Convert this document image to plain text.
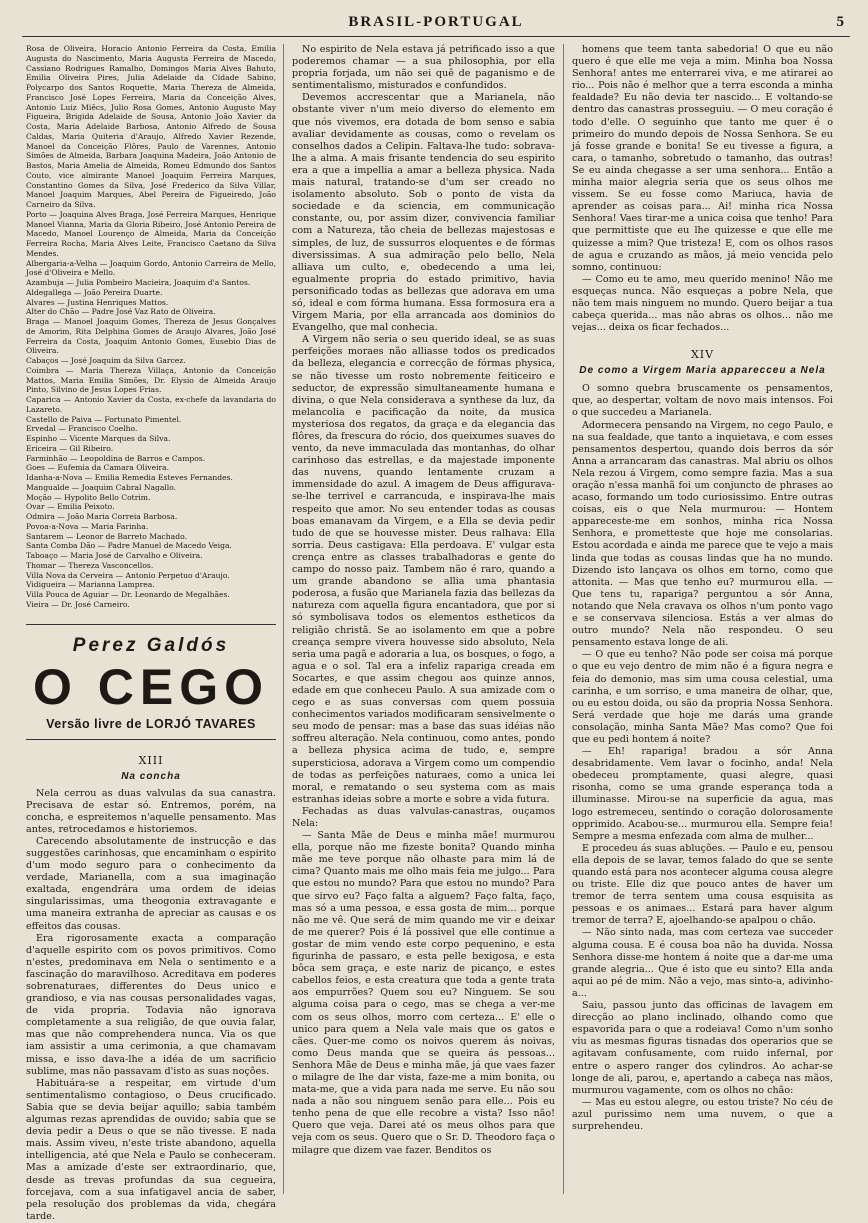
BRASIL-PORTUGAL	5

Rosa de Oliveira, Horacio Antonio Ferreira da Costa, Emilia Augusta do Nascimento, Maria Augusta Ferreira de Macedo, Cassiano Rodrigues Ramalho, Domingos Maria Alves Bahuto, Emilia Oliveira Pires, Julia Adelaide da Cidade Sabino, Polycarpo dos Santos Roquette, Maria Thereza de Almeida, Francisco José Lopes Ferreira, Maria da Conceição Alves, Antonio Luiz Miêcs, Julio Rosa Gomes, Antonio Augusto May Figueira, Brigida Adelaide de Sousa, Antonio João Xavier da Costa, Maria Adelaide Barbosa, Antonio Alfredo de Sousa Caldas, Maria Quiteria d'Araujo, Alfredo Xavier Rezende, Manoel da Conceição Flôres, Paulo de Varennes, Antonio Simões de Almeida, Barbara Joaquina Madeira, João Antonio de Bastos, Maria Amelia de Almeida, Romeu Edmundo dos Santos Couto, vice almirante Manoel Joaquim Ferreira Marques, Constantino Gomes da Silva, José Frederico da Silva Villar, Manoel Joaquim Marques, Abel Pereira de Figueiredo, João Carneiro da Silva.

Porto — Joaquina Alves Braga, José Ferreira Marques, Henrique Manoel Vianna, Maria da Gloria Ribeiro, José Antonio Pereira de Macedo, Manoel Lourenço de Almeida, Maria da Conceição Ferreira Rocha, Maria Alves Leite, Francisco Caetano da Silva Mendes.

Albergaria-a-Velha — Joaquim Gordo, Antonio Carreira de Mello, José d'Oliveira e Mello.

Azambuja — Julia Pombeiro Macieira, Joaquim d'a Santos.

Aldegallega — João Pereira Duarte.

Alvares — Justina Henriques Mattos.

Alter do Chão — Padre José Vaz Rato de Oliveira.

Braga — Manoel Joaquim Gomes, Thereza de Jesus Gonçalves de Amorim, Rita Delphina Gomes de Araujo Alvares, João José Ferreira da Costa, Joaquim Antonio Gomes, Eusebio Dias de Oliveira.

Cabaços — José Joaquim da Silva Garcez.

Coimbra — Maria Thereza Villaça, Antonio da Conceição Mattos, Maria Emilia Simões, Dr. Elysio de Almeida Araujo Pinto, Silvino de Jesus Lopes Frias.

Caparica — Antonio Xavier da Costa, ex-chefe da lavandaria do Lazareto.

Castello de Paiva — Fortunato Pimentel.

Ervedal — Francisco Coelho.

Espinho — Vicente Marques da Silva.

Ericeira — Gil Ribeiro.

Farminhão — Leopoldina de Barros e Campos.

Goes — Eufemia da Camara Oliveira.

Idanha-a-Nova — Emilia Remedia Esteves Fernandes.

Mangualde — Joaquim Cabral Nagallo.

Moção — Hypolito Bello Cotrim.

Ovar — Emilia Peixoto.

Odmira — João Maria Correia Barbosa.

Povoa-a-Nova — Maria Farinha.

Santarem — Leonor de Barreto Machado.

Santa Comba Dão — Padre Manuel de Macedo Veiga.

Taboaço — Maria José de Carvalho e Oliveira.

Thomar — Thereza Vasconcellos.

Villa Nova da Cerveira — Antonio Perpetuo d'Araujo.

Vidigueira — Marianna Lamprea.

Villa Pouca de Aguiar — Dr. Leonardo de Megalhães.

Vieira — Dr. José Carneiro.

Perez Galdós
O CEGO
Versão livre de LORJÓ TAVARES
XIII
Na concha

Nela cerrou as duas valvulas da sua canastra. Precisava de estar só. Entremos, porém, na concha, e espreitemos n'aquelle pensamento. Mas antes, retrocedamos e historiemos.

Carecendo absolutamente de instrucção e das suggestões carinhosas, que encaminham o espirito d'um modo seguro para o conhecimento da verdade, Marianella, com a sua imaginação exaltada, engendrára uma ordem de ideias singularissimas, uma theogonia extravagante e uma maneira extranha de apreciar as causas e os effeitos das cousas.

Era rigorosamente exacta a comparação d'aquelle espirito com os povos primitivos. Como n'estes, predominava em Nela o sentimento e a fascinação do maravilhoso. Acreditava em poderes sobrenaturaes, differentes do Deus unico e grandioso, e via nas cousas personalidades vagas, de vida propria. Todavia não ignorava completamente a sua religião, de que ouvia falar, mas que não comprehendera nunca. Via os que iam assistir a uma cerimonia, a que chamavam missa, e isso dava-lhe a idéa de um sacrificio sublime, mas não passavam d'isto as suas noções.

Habituára-se a respeitar, em virtude d'um sentimentalismo contagioso, o Deus crucificado. Sabia que se devia beijar aquillo; sabia também algumas rezas aprendidas de ouvido; sabia que se devia pedir a Deus o que se não tivesse. E nada mais. Assim viveu, n'este triste abandono, aquella intelligencia, até que Nela e Paulo se conheceram. Mas a amizade d'este ser extraordinario, que, desde as trevas profundas da sua cegueira, forcejava, com a sua infatigavel ancia de saber, pela resolução dos problemas da vida, chegára tarde.

No espirito de Nela estava já petrificado isso a que poderemos chamar — a sua philosophia, por ella propria forjada, um não sei quê de paganismo e de sentimentalismo, misturados e confundidos.

Devemos accrescentar que a Marianela, não obstante viver n'um meio diverso do elemento em que nós vivemos, era dotada de bom senso e sabia avaliar devidamente as cousas, como o revelam os conselhos dados a Celipin. Faltava-lhe tudo: sobrava-lhe a alma. A mais frisante tendencia do seu espirito era a que a impellia a amar a belleza physica. Nada mais natural, tratando-se d'um ser creado no isolamento absoluto. Sob o ponto de vista da sociedade e da sciencia, em communicação constante, ou, por assim dizer, convivencia familiar com a Natureza, tão cheia de bellezas majestosas e simples, de luz, de sussurros eloquentes e de fórmas diversissimas. A sua admiração pelo bello, Nela alliava um culto, e, obedecendo a uma lei, egualmente propria do estado primitivo, havia personificado todas as bellezas que adorava em uma só, ideal e com fórma humana. Essa formosura era a Virgem Maria, por ella arrancada aos dominios do Evangelho, que mal conhecia.

A Virgem não seria o seu querido ideal, se as suas perfeições moraes não alliasse todos os predicados da belleza, elegancia e correcção de fórmas physica, se não tivesse um rosto nobremente feiticeiro e seductor, de expressão simultaneamente humana e divina, o que Nela considerava a synthese da luz, da melancolia e pacificação da noite, da musica mysteriosa dos regatos, da graça e da elegancia das flôres, da frescura do rócio, dos queixumes suaves do vento, da neve immaculada das montanhas, do olhar carinhoso das estrellas, e da majestade imponente das nuvens, quando lentamente cruzam a immensidade do azul. A imagem de Deus affigurava-se-lhe terrivel e carrancuda, e inspirava-lhe mais respeito que amor. No seu entender todas as cousas boas emanavam da Virgem, e a Ella se devia pedir tudo de que se houvesse mister. Deus ralhava: Ella sorria. Deus castigava: Ella perdoava. E' vulgar esta crença entre as classes trabalhadoras e gente do campo do nosso paiz. Tambem não é raro, quando a um grande abandono se allia uma phantasia poderosa, a fusão que Marianela fazia das bellezas da natureza com aquella figura encantadora, que por si só symbolisava todos os elementos estheticos da religião christã. Se ao isolamento em que a pobre creança sempre vivera houvesse sido absoluto, Nela seria uma pagã e adoraria a lua, os bosques, o fogo, a agua e o sol. Tal era a infeliz rapariga creada em Socartes, e que assim chegou aos quinze annos, edade em que conheceu Paulo. A sua amizade com o cego e as suas conversas com quem possuia conhecimentos variados modificaram sensivelmente o seu modo de pensar: mas a base das suas idéias não soffreu alteração. Nela continuou, como antes, pondo a belleza physica acima de tudo, e, sempre supersticiosa, adorava a Virgem como um compendio de todas as perfeições naturaes, como a unica lei moral, e rematando o seu systema com as mais estranhas ideias sobre a morte e sobre a vida futura.

Fechadas as duas valvulas-canastras, ouçamos Nela:

— Santa Mãe de Deus e minha mãe! murmurou ella, porque não me fizeste bonita? Quando minha mãe me teve porque não olhaste para mim lá de cima? Quanto mais me olho mais feia me julgo... Para que estou no mundo? Para que estou no mundo? Para que sirvo eu? Faço falta a alguem? Faço falta, faço, mas só a uma pessoa, e essa gosta de mim... porque não me vê. Que será de mim quando me vir e deixar de me querer? Pois é lá possivel que elle continue a gostar de mim vendo este corpo pequenino, e esta figurinha de passaro, e esta pelle bexigosa, e esta bôca sem graça, e este nariz de picanço, e estes cabellos feios, e esta creatura que toda a gente trata aos empurrões? Quem sou eu? Ninguem. Se sou alguma coisa para o cego, mas se chega a ver-me com os seus olhos, morro com certeza... E' elle o unico para quem a Nela vale mais que os gatos e cães. Quer-me como os noivos querem ás noivas, como Deus manda que se queira ás pessoas... Senhora Mãe de Deus e minha mãe, já que vaes fazer o milagre de lhe dar vista, faze-me a mim bonita, ou mata-me, que a vida para nada me serve. Eu não sou nada a não sou ninguem senão para elle... Pois eu tenho pena de que elle recobre a vista? Isso não! Quero que veja. Darei até os meus olhos para que veja com os seus. Quero que o Sr. D. Theodoro faça o milagre que dizem vae fazer. Benditos os

homens que teem tanta sabedoria! O que eu não quero é que elle me veja a mim. Minha boa Nossa Senhora! antes me enterrarei viva, e me atirarei ao rio... Pois não é melhor que a terra esconda a minha fealdade? Eu não devia ter nascido... E voltando-se dentro das canastras prosseguiu. — O meu coração é todo d'elle. O seguinho que tanto me quer é o primeiro do mundo depois de Nossa Senhora. Se eu já fosse grande e bonita! Se eu tivesse a figura, a cara, o tamanho, sobretudo o tamanho, das outras! Se eu ainda chegasse a ser uma senhora... Então a minha maior alegria seria que os seus olhos me vissem. Se eu fosse como Mariuca, havia de aprender as coisas para... Ai! minha rica Nossa Senhora! Vaes tirar-me a unica coisa que tenho! Para que permittiste que eu lhe quizesse e que elle me quizesse a mim? Que tristeza! E, com os olhos rasos de agua e cruzando as mãos, já meio vencida pelo somno, continuou:

— Como eu te amo, meu querido menino! Não me esqueças nunca. Não esqueças a pobre Nela, que não tem mais ninguem no mundo. Quero beijar a tua cabeça querida... mas não abras os olhos... não me vejas... deixa os ficar fechados...

XIV
De como a Virgem Maria apparecceu a Nela

O somno quebra bruscamente os pensamentos, que, ao despertar, voltam de novo mais intensos. Foi o que succedeu a Marianela.

Adormecera pensando na Virgem, no cego Paulo, e na sua fealdade, que tanto a inquietava, e com esses pensamentos despertou, quando dois berros da sór Anna a arrancaram das canastras. Mal abriu os olhos Nela rezou á Virgem, como sempre fazia. Mas a sua oração n'essa manhã foi um conjuncto de phrases ao acaso, formando um todo curiosissimo. Entre outras coisas, eis o que Nela murmurou: — Hontem appareceste-me em sonhos, minha rica Nossa Senhora, e prometteste que hoje me consolarias. Estou acordada e ainda me parece que te vejo a mais linda que todas as cousas lindas que ha no mundo. Dizendo isto lançava os olhos em torno, como que attonita. — Mas que tenho eu? murmurou ella. — Que tens tu, rapariga? perguntou a sór Anna, notando que Nela cravava os olhos n'um ponto vago e se conservava silenciosa. Estás a ver almas do outro mundo? Nela não respondeu. O seu pensamento estava longe de ali.

— O que eu tenho? Não pode ser coisa má porque o que eu vejo dentro de mim não é a figura negra e feia do demonio, mas sim uma cousa celestial, uma carinha, e um sorriso, e uma maneira de olhar, que, ou eu estou doida, ou são da propria Nossa Senhora. Será verdade que hoje me darás uma grande consolação, minha Santa Mãe? Mas como? Que foi que eu pedi hontem á noite?

— Eh! rapariga! bradou a sór Anna desabridamente. Vem lavar o focinho, anda! Nela obedeceu promptamente, quasi alegre, quasi risonha, como se uma grande esperança toda a illuminasse. Mirou-se na superficie da agua, mas logo estremeceu, sentindo o coração dolorosamente opprimido. Acabou-se... murmurou ella. Sempre feia! Sempre a mesma enfezada com alma de mulher...

E procedeu ás suas abluções. — Paulo e eu, pensou ella depois de se lavar, temos falado do que se sente quando está para nos acontecer alguma cousa alegre ou triste. Elle diz que pouco antes de haver um tremor de terra sentem uma cousa esquisita as pessoas e os animaes... Estará para haver algum tremor de terra? E, ajoelhando-se apalpou o chão.

— Não sinto nada, mas com certeza vae succeder alguma cousa. E é cousa boa não ha duvida. Nossa Senhora disse-me hontem á noite que a dar-me uma grande alegria... Que é isto que eu sinto? Ella anda aqui ao pé de mim. Não a vejo, mas sinto-a, adivinho-a...

Saiu, passou junto das officinas de lavagem em direcção ao plano inclinado, olhando como que espavorida para o que a rodeiava! Como n'um sonho viu as mesmas figuras tisnadas dos operarios que se agitavam confusamente, com ruido infernal, por entre o aspero ranger dos cylindros. Ao achar-se longe de ali, parou, e, apertando a cabeça nas mãos, murmurou vagamente, com os olhos no chão:

— Mas eu estou alegre, ou estou triste? No céu de azul purissimo nem uma nuvem, o que a surprehendeu.
